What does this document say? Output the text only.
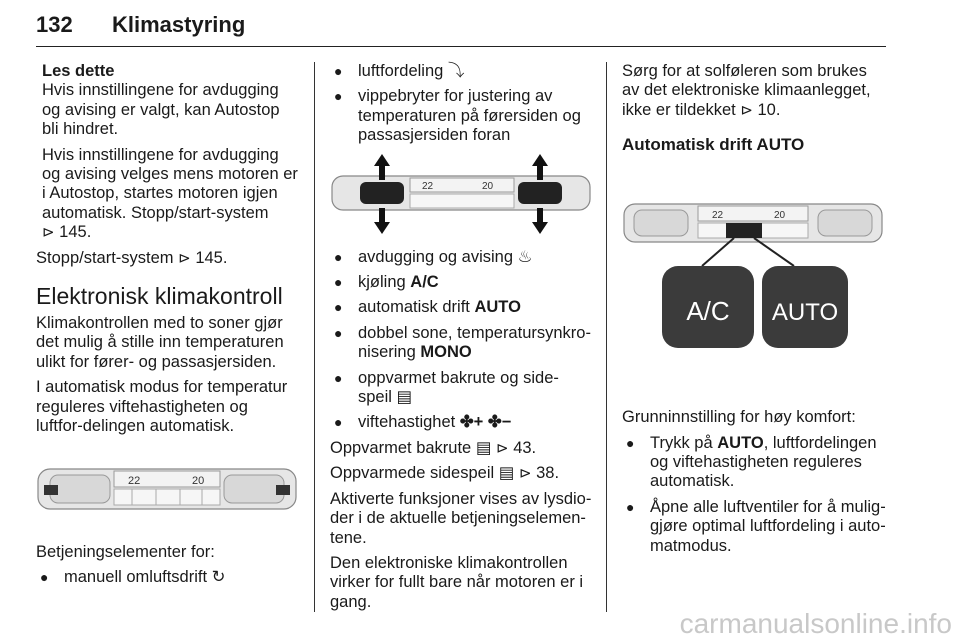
132 Klimastyring
Les dette

Hvis innstillingene for avdugging og avising er valgt, kan Autostop bli hindret.

Hvis innstillingene for avdugging og avising velges mens motoren er i Autostop, startes motoren igjen automatisk. Stopp/start-system
⊳ 145.

Stopp/start-system ⊳ 145.

Elektronisk klimakontroll

Klimakontrollen med to soner gjør det mulig å stille inn temperaturen ulikt for fører- og passasjersiden.

I automatisk modus for temperatur reguleres viftehastigheten og luftfor-delingen automatisk.

22	20

Betjeningselementer for:

● manuell omluftsdrift ↻
● luftfordeling ⤵
● vippebryter for justering av temperaturen på førersiden og passasjersiden foran
22	20
● avdugging og avising ♨
● kjøling A/C
● automatisk drift AUTO
● dobbel sone, temperatursynkro-nisering MONO
● oppvarmet bakrute og side-speil ▤
● viftehastighet ✤+ ✤−

Oppvarmet bakrute ▤ ⊳ 43.

Oppvarmede sidespeil ▤ ⊳ 38.

Aktiverte funksjoner vises av lysdio-der i de aktuelle betjeningselemen-tene.

Den elektroniske klimakontrollen virker for fullt bare når motoren er i gang.

Sørg for at solføleren som brukes av det elektroniske klimaanlegget, ikke er tildekket ⊳ 10.

Automatisk drift AUTO
22	20
A/C AUTO

Grunninnstilling for høy komfort:

● Trykk på AUTO, luftfordelingen og viftehastigheten reguleres automatisk.
● Åpne alle luftventiler for å mulig-gjøre optimal luftfordeling i auto-matmodus.
carmanualsonline.info
